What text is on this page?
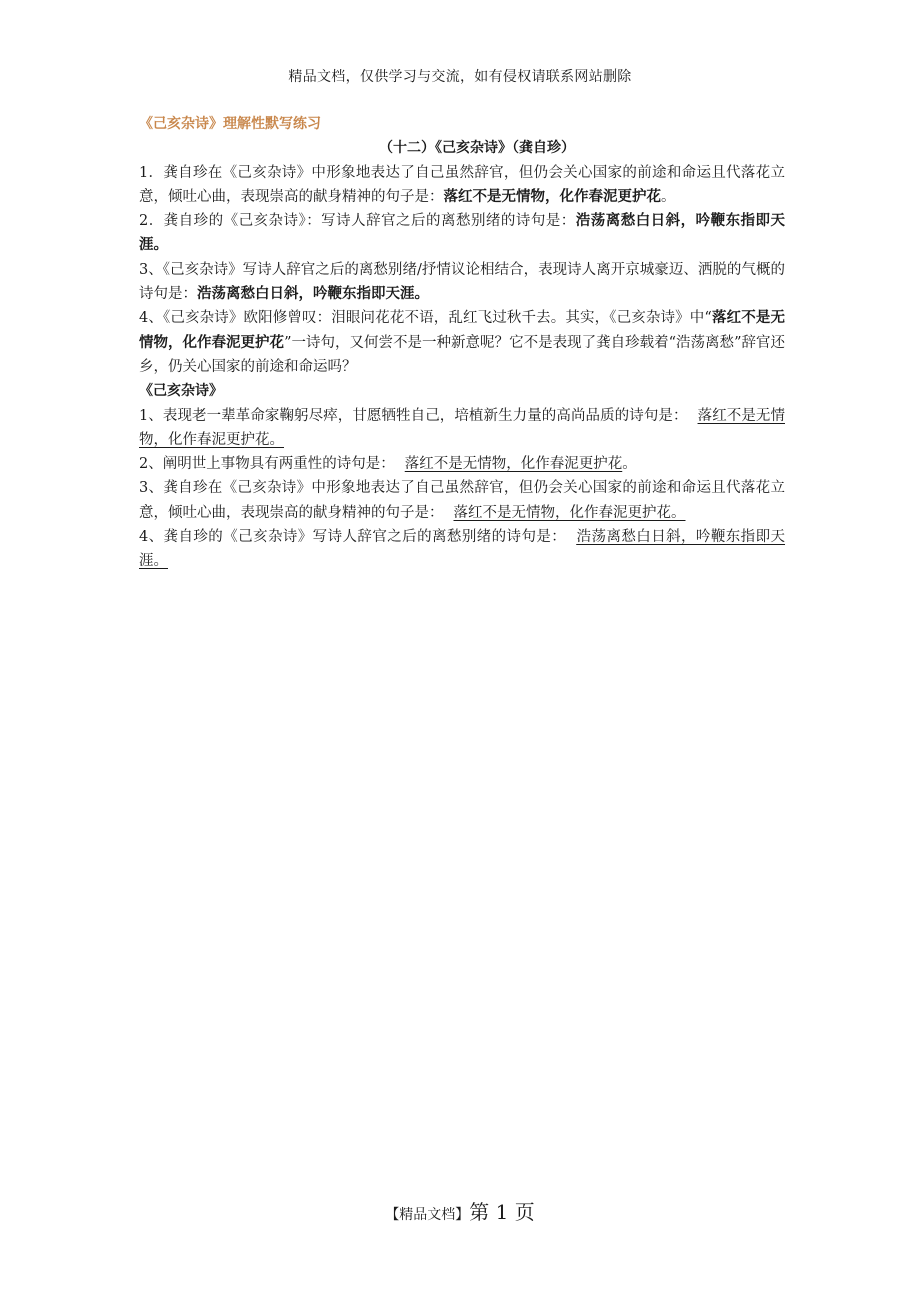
精品文档，仅供学习与交流，如有侵权请联系网站删除
《己亥杂诗》理解性默写练习
（十二）《己亥杂诗》（龚自珍）

1．龚自珍在《己亥杂诗》中形象地表达了自己虽然辞官，但仍会关心国家的前途和命运且代落花立意，倾吐心曲，表现崇高的献身精神的句子是：落红不是无情物，化作春泥更护花。

2．龚自珍的《己亥杂诗》：写诗人辞官之后的离愁别绪的诗句是：浩荡离愁白日斜，吟鞭东指即天涯。

3、《己亥杂诗》写诗人辞官之后的离愁别绪/抒情议论相结合，表现诗人离开京城豪迈、洒脱的气概的诗句是：浩荡离愁白日斜，吟鞭东指即天涯。

4、《己亥杂诗》欧阳修曾叹：泪眼问花花不语，乱红飞过秋千去。其实，《己亥杂诗》中“落红不是无情物，化作春泥更护花”一诗句，又何尝不是一种新意呢？它不是表现了龚自珍载着“浩荡离愁”辞官还乡，仍关心国家的前途和命运吗？

《己亥杂诗》

1、表现老一辈革命家鞠躬尽瘁，甘愿牺牲自己，培植新生力量的高尚品质的诗句是： 落红不是无情物，化作春泥更护花。

2、阐明世上事物具有两重性的诗句是： 落红不是无情物，化作春泥更护花。

3、龚自珍在《己亥杂诗》中形象地表达了自己虽然辞官，但仍会关心国家的前途和命运且代落花立意，倾吐心曲，表现崇高的献身精神的句子是： 落红不是无情物，化作春泥更护花。

4、龚自珍的《己亥杂诗》写诗人辞官之后的离愁别绪的诗句是： 浩荡离愁白日斜，吟鞭东指即天涯。

【精品文档】第 1 页
